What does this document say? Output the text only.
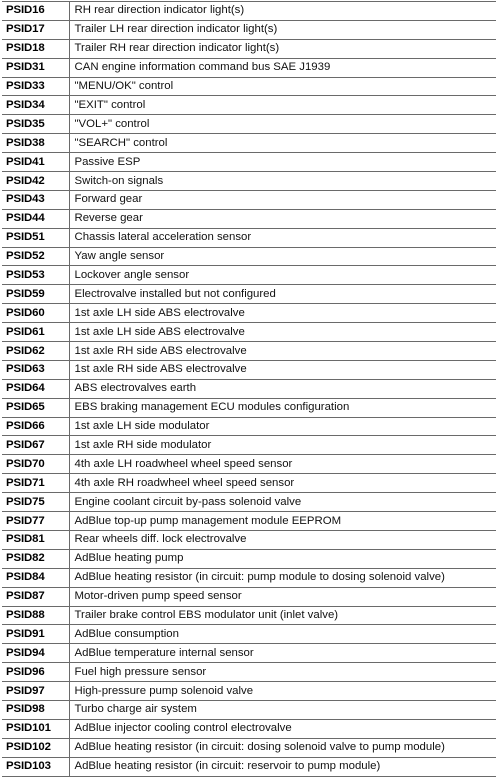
PSID16	RH rear direction indicator light(s)
PSID17	Trailer LH rear direction indicator light(s)
PSID18	Trailer RH rear direction indicator light(s)
PSID31	CAN engine information command bus SAE J1939
PSID33	"MENU/OK" control
PSID34	"EXIT" control
PSID35	"VOL+" control
PSID38	"SEARCH" control
PSID41	Passive ESP
PSID42	Switch-on signals
PSID43	Forward gear
PSID44	Reverse gear
PSID51	Chassis lateral acceleration sensor
PSID52	Yaw angle sensor
PSID53	Lockover angle sensor
PSID59	Electrovalve installed but not configured
PSID60	1st axle LH side ABS electrovalve
PSID61	1st axle LH side ABS electrovalve
PSID62	1st axle RH side ABS electrovalve
PSID63	1st axle RH side ABS electrovalve
PSID64	ABS electrovalves earth
PSID65	EBS braking management ECU modules configuration
PSID66	1st axle LH side modulator
PSID67	1st axle RH side modulator
PSID70	4th axle LH roadwheel wheel speed sensor
PSID71	4th axle RH roadwheel wheel speed sensor
PSID75	Engine coolant circuit by-pass solenoid valve
PSID77	AdBlue top-up pump management module EEPROM
PSID81	Rear wheels diff. lock electrovalve
PSID82	AdBlue heating pump
PSID84	AdBlue heating resistor (in circuit: pump module to dosing solenoid valve)
PSID87	Motor-driven pump speed sensor
PSID88	Trailer brake control EBS modulator unit (inlet valve)
PSID91	AdBlue consumption
PSID94	AdBlue temperature internal sensor
PSID96	Fuel high pressure sensor
PSID97	High-pressure pump solenoid valve
PSID98	Turbo charge air system
PSID101	AdBlue injector cooling control electrovalve
PSID102	AdBlue heating resistor (in circuit: dosing solenoid valve to pump module)
PSID103	AdBlue heating resistor (in circuit: reservoir to pump module)
